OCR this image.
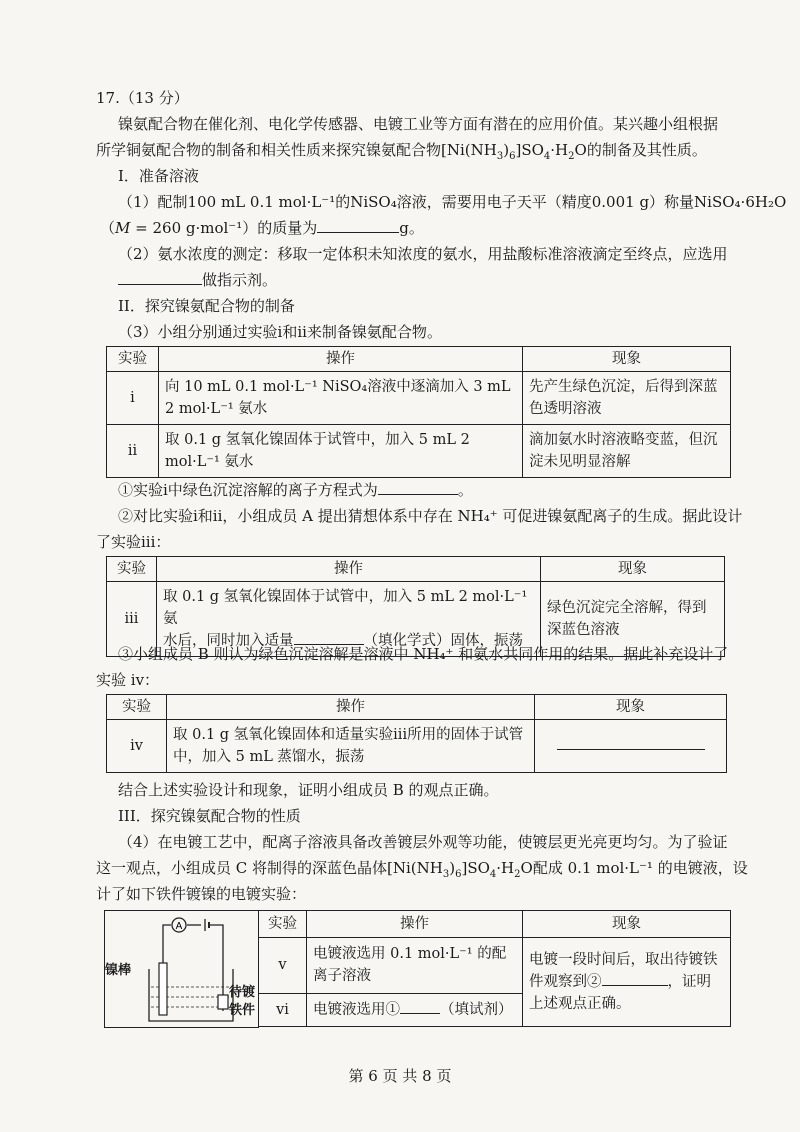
17.（13 分）
镍氨配合物在催化剂、电化学传感器、电镀工业等方面有潜在的应用价值。某兴趣小组根据
所学铜氨配合物的制备和相关性质来探究镍氨配合物$[Ni(NH_3)_6]SO_4\cdot H_2O$的制备及其性质。
I．准备溶液
（1）配制100 mL 0.1 mol·L⁻¹的NiSO₄溶液，需要用电子天平（精度0.001 g）称量NiSO₄·6H₂O
（M = 260 g·mol⁻¹）的质量为	g。
（2）氨水浓度的测定：移取一定体积未知浓度的氨水，用盐酸标准溶液滴定至终点，应选用
做指示剂。
II．探究镍氨配合物的制备
（3）小组分别通过实验i和ii来制备镍氨配合物。
实验	操作	现象
i	向 10 mL 0.1 mol·L⁻¹ NiSO₄溶液中逐滴加入 3 mL 2 mol·L⁻¹ 氨水	先产生绿色沉淀，后得到深蓝色透明溶液
ii	取 0.1 g 氢氧化镍固体于试管中，加入 5 mL 2 mol·L⁻¹ 氨水	滴加氨水时溶液略变蓝，但沉淀未见明显溶解
①实验i中绿色沉淀溶解的离子方程式为	。
②对比实验i和ii，小组成员 A 提出猜想体系中存在 NH₄⁺ 可促进镍氨配离子的生成。据此设计
了实验iii：
实验	操作	现象
iii	取 0.1 g 氢氧化镍固体于试管中，加入 5 mL 2 mol·L⁻¹ 氨
水后，同时加入适量 （填化学式）固体，振荡	绿色沉淀完全溶解，得到深蓝色溶液
③小组成员 B 则认为绿色沉淀溶解是溶液中 NH₄⁺ 和氨水共同作用的结果。据此补充设计了
实验 iv：
实验	操作	现象
iv	取 0.1 g 氢氧化镍固体和适量实验iii所用的固体于试管中，加入 5 mL 蒸馏水，振荡	
结合上述实验设计和现象，证明小组成员 B 的观点正确。
III．探究镍氨配合物的性质
（4）在电镀工艺中，配离子溶液具备改善镀层外观等功能，使镀层更光亮更均匀。为了验证
这一观点，小组成员 C 将制得的深蓝色晶体$[Ni(NH_3)_6]SO_4\cdot H_2O$配成 0.1 mol·L⁻¹ 的电镀液，设
计了如下铁件镀镍的电镀实验：
A
镍棒
待镀
铁件
实验	操作	现象
v	电镀液选用 0.1 mol·L⁻¹ 的配离子溶液	电镀一段时间后，取出待镀铁件观察到② ，证明上述观点正确。
vi	电镀液选用① （填试剂）	
第 6 页 共 8 页
